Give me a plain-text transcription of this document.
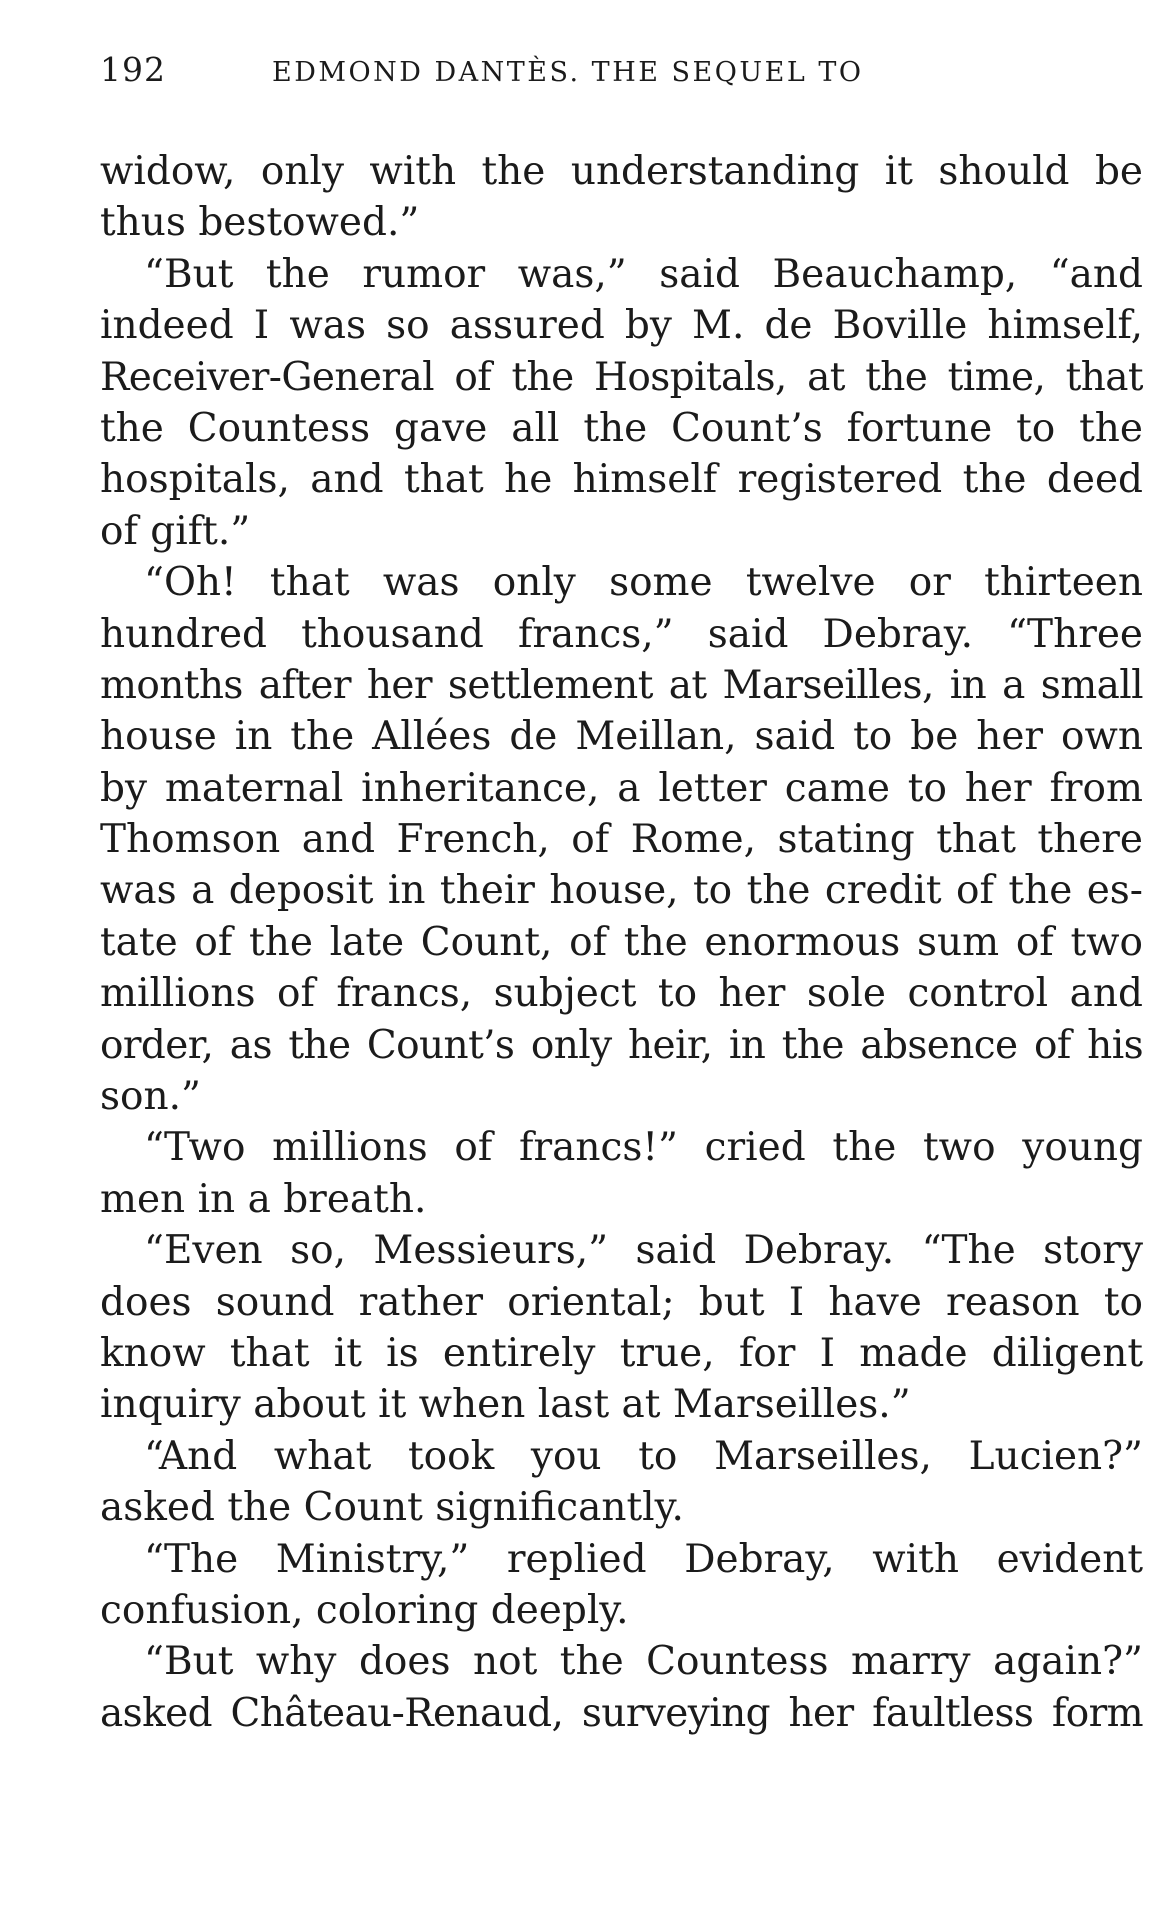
192	EDMOND DANTÈS. THE SEQUEL TO
widow, only with the understanding it should be
thus bestowed.”
“But the rumor was,” said Beauchamp, “and
indeed I was so assured by M. de Boville himself,
Receiver-General of the Hospitals, at the time, that
the Countess gave all the Count’s fortune to the
hospitals, and that he himself registered the deed
of gift.”
“Oh! that was only some twelve or thirteen
hundred thousand francs,” said Debray. “Three
months after her settlement at Marseilles, in a small
house in the Allées de Meillan, said to be her own
by maternal inheritance, a letter came to her from
Thomson and French, of Rome, stating that there
was a deposit in their house, to the credit of the es-
tate of the late Count, of the enormous sum of two
millions of francs, subject to her sole control and
order, as the Count’s only heir, in the absence of his
son.”
“Two millions of francs!” cried the two young
men in a breath.
“Even so, Messieurs,” said Debray. “The story
does sound rather oriental; but I have reason to
know that it is entirely true, for I made diligent
inquiry about it when last at Marseilles.”
“And what took you to Marseilles, Lucien?”
asked the Count significantly.
“The Ministry,” replied Debray, with evident
confusion, coloring deeply.
“But why does not the Countess marry again?”
asked Château-Renaud, surveying her faultless form
